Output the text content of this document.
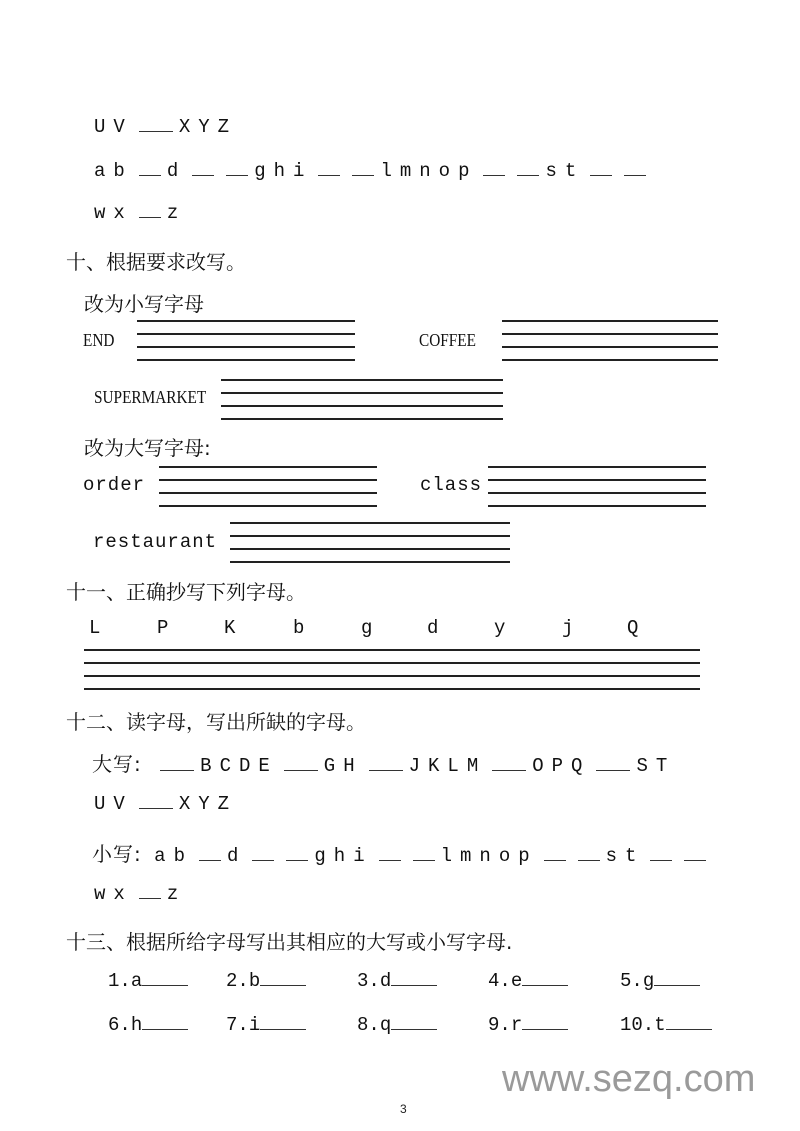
U V	X Y Z
a b d	g h i	l m n o p	s t
w x z
十、根据要求改写。
改为小写字母
END	COFFEE
SUPERMARKET
改为大写字母:
order	class
restaurant
十一、正确抄写下列字母。
L	P	K	b	g	d	y	j	Q
十二、读字母，写出所缺的字母。
大写:	B C D E	G H	J K L M	O P Q	S T
U V	X Y Z
小写: a b d	g h i	l m n o p	s t
w x z
十三、根据所给字母写出其相应的大写或小写字母.
1.a	2.b	3.d	4.e	5.g
6.h	7.i	8.q	9.r	10.t
www.sezq.com
3
